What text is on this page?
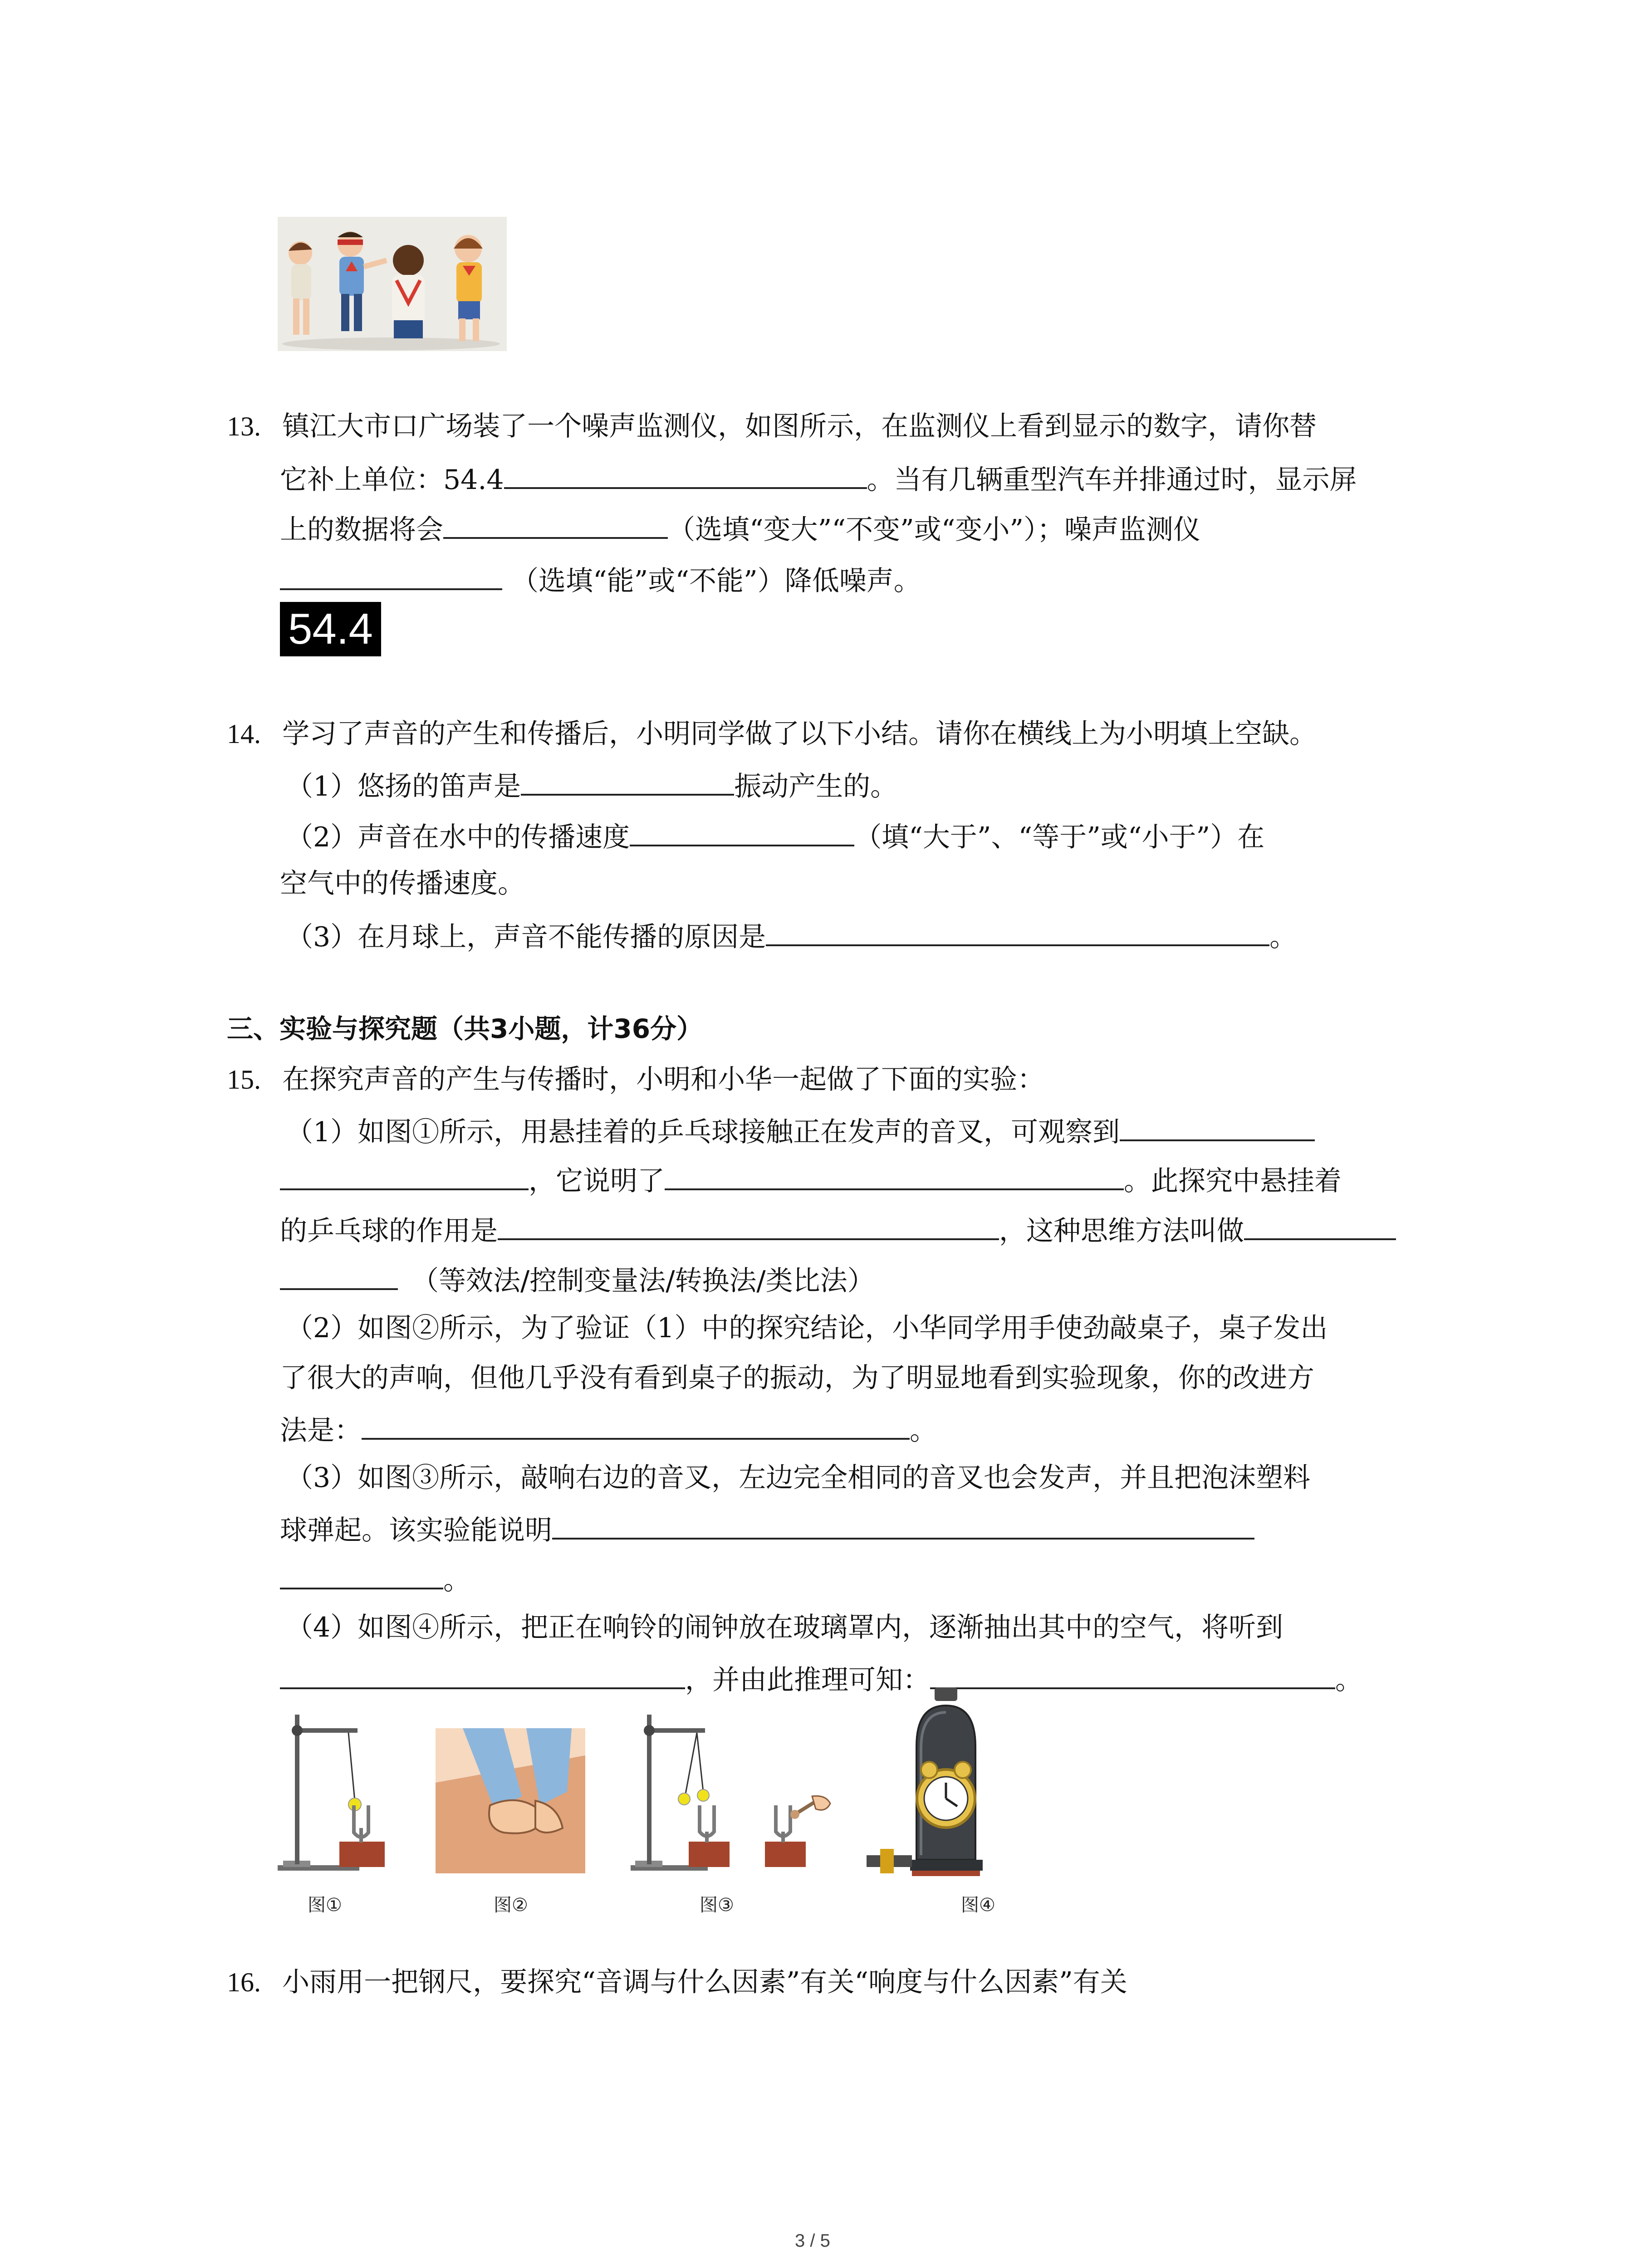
13. 镇江大市口广场装了一个噪声监测仪，如图所示，在监测仪上看到显示的数字，请你替
它补上单位：54.4	。当有几辆重型汽车并排通过时，显示屏
上的数据将会	（选填“变大”“不变”或“变小”）；噪声监测仪
（选填“能”或“不能”）降低噪声。
54.4
14. 学习了声音的产生和传播后，小明同学做了以下小结。请你在横线上为小明填上空缺。
（1）悠扬的笛声是	振动产生的。
（2）声音在水中的传播速度	（填“大于”、“等于”或“小于”）在
空气中的传播速度。
（3）在月球上，声音不能传播的原因是	。
三、实验与探究题（共3小题，计36分）
15. 在探究声音的产生与传播时，小明和小华一起做了下面的实验：
（1）如图①所示，用悬挂着的乒乓球接触正在发声的音叉，可观察到
，它说明了	。此探究中悬挂着
的乒乓球的作用是	，这种思维方法叫做
（等效法/控制变量法/转换法/类比法）
（2）如图②所示，为了验证（1）中的探究结论，小华同学用手使劲敲桌子，桌子发出
了很大的声响，但他几乎没有看到桌子的振动，为了明显地看到实验现象，你的改进方
法是：	。
（3）如图③所示，敲响右边的音叉，左边完全相同的音叉也会发声，并且把泡沫塑料
球弹起。该实验能说明
。
（4）如图④所示，把正在响铃的闹钟放在玻璃罩内，逐渐抽出其中的空气，将听到
，并由此推理可知：	。
图①	图②	图③	图④
16. 小雨用一把钢尺，要探究“音调与什么因素”有关“响度与什么因素”有关
3 / 5
